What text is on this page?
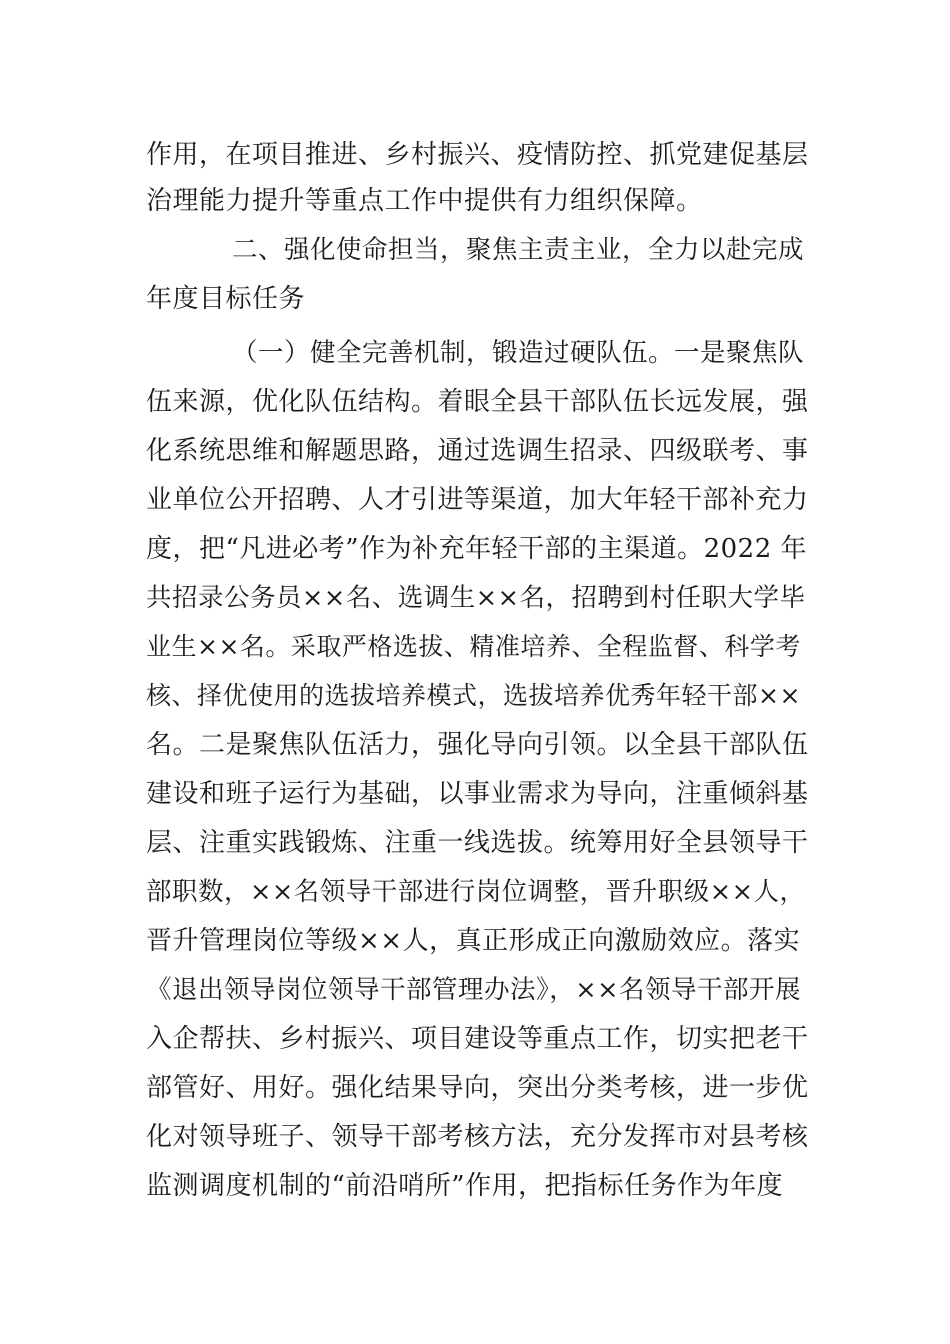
作用，在项目推进、乡村振兴、疫情防控、抓党建促基层
治理能力提升等重点工作中提供有力组织保障。
二、强化使命担当，聚焦主责主业，全力以赴完成
年度目标任务
（一）健全完善机制，锻造过硬队伍。一是聚焦队
伍来源，优化队伍结构。着眼全县干部队伍长远发展，强
化系统思维和解题思路，通过选调生招录、四级联考、事
业单位公开招聘、人才引进等渠道，加大年轻干部补充力
度，把“凡进必考”作为补充年轻干部的主渠道。2022 年
共招录公务员××名、选调生××名，招聘到村任职大学毕
业生××名。采取严格选拔、精准培养、全程监督、科学考
核、择优使用的选拔培养模式，选拔培养优秀年轻干部××
名。二是聚焦队伍活力，强化导向引领。以全县干部队伍
建设和班子运行为基础，以事业需求为导向，注重倾斜基
层、注重实践锻炼、注重一线选拔。统筹用好全县领导干
部职数，××名领导干部进行岗位调整，晋升职级××人，
晋升管理岗位等级××人，真正形成正向激励效应。落实
《退出领导岗位领导干部管理办法》，××名领导干部开展
入企帮扶、乡村振兴、项目建设等重点工作，切实把老干
部管好、用好。强化结果导向，突出分类考核，进一步优
化对领导班子、领导干部考核方法，充分发挥市对县考核
监测调度机制的“前沿哨所”作用，把指标任务作为年度
